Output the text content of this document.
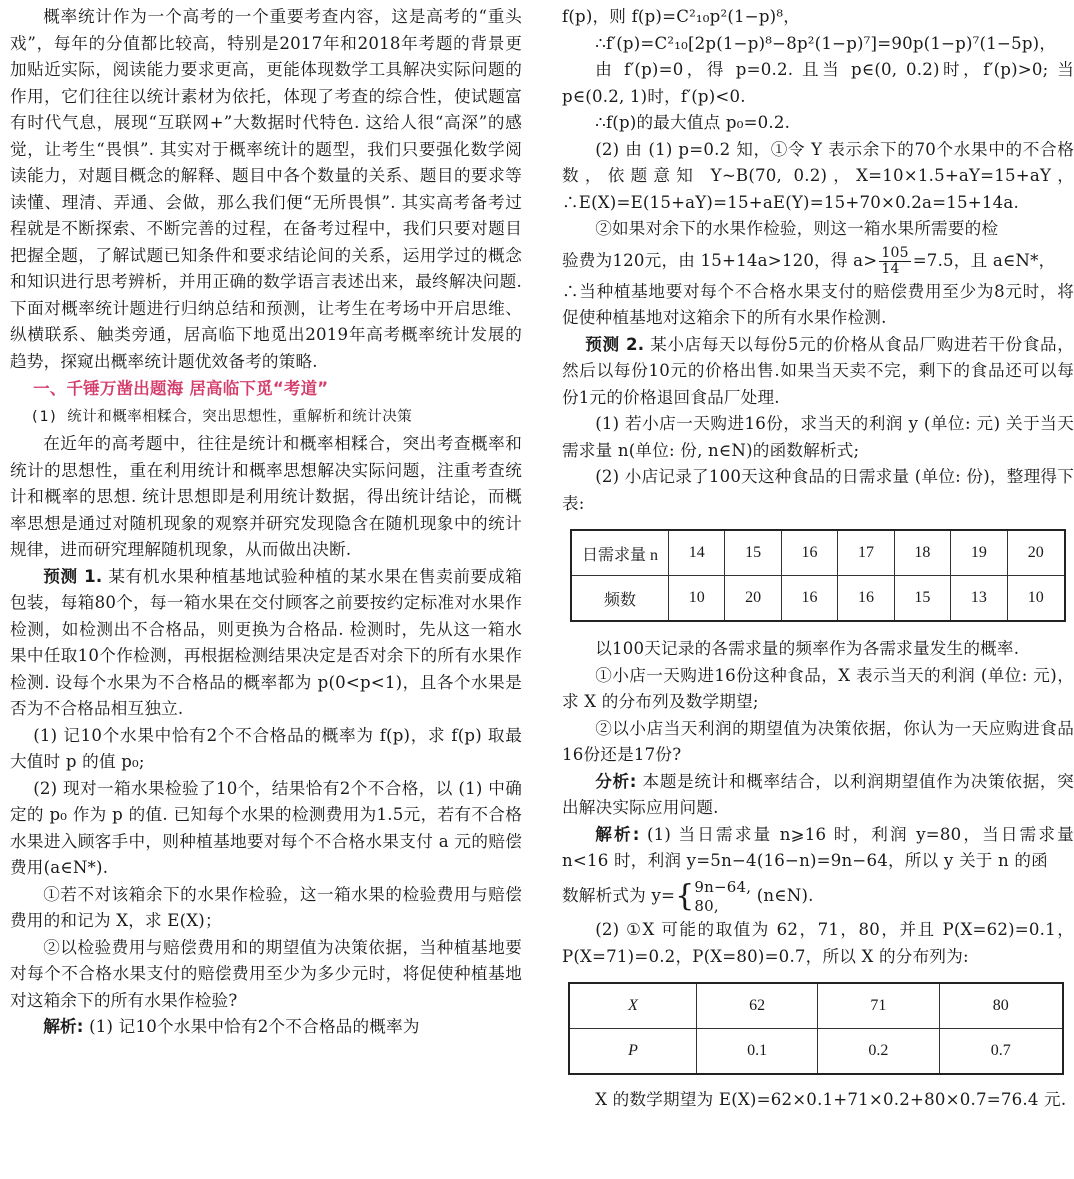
概率统计作为一个高考的一个重要考查内容，这是高考的“重头戏”，每年的分值都比较高，特别是2017年和2018年考题的背景更加贴近实际，阅读能力要求更高，更能体现数学工具解决实际问题的作用，它们往往以统计素材为依托，体现了考查的综合性，使试题富有时代气息，展现“互联网+”大数据时代特色. 这给人很“高深”的感觉，让考生“畏惧”. 其实对于概率统计的题型，我们只要强化数学阅读能力，对题目概念的解释、题目中各个数量的关系、题目的要求等读懂、理清、弄通、会做，那么我们便“无所畏惧”. 其实高考备考过程就是不断探索、不断完善的过程，在备考过程中，我们只要对题目把握全题，了解试题已知条件和要求结论间的关系，运用学过的概念和知识进行思考辨析，并用正确的数学语言表述出来，最终解决问题. 下面对概率统计题进行归纳总结和预测，让考生在考场中开启思维、纵横联系、触类旁通，居高临下地觅出2019年高考概率统计发展的趋势，探窥出概率统计题优效备考的策略.

一、千锤万凿出题海 居高临下觅“考道”

(1) 统计和概率相糅合，突出思想性，重解析和统计决策

在近年的高考题中，往往是统计和概率相糅合，突出考查概率和统计的思想性，重在利用统计和概率思想解决实际问题，注重考查统计和概率的思想. 统计思想即是利用统计数据，得出统计结论，而概率思想是通过对随机现象的观察并研究发现隐含在随机现象中的统计规律，进而研究理解随机现象，从而做出决断.

预测 1. 某有机水果种植基地试验种植的某水果在售卖前要成箱包装，每箱80个，每一箱水果在交付顾客之前要按约定标准对水果作检测，如检测出不合格品，则更换为合格品. 检测时，先从这一箱水果中任取10个作检测，再根据检测结果决定是否对余下的所有水果作检测. 设每个水果为不合格品的概率都为 p(0<p<1)，且各个水果是否为不合格品相互独立.

(1) 记10个水果中恰有2个不合格品的概率为 f(p)，求 f(p) 取最大值时 p 的值 p₀;

(2) 现对一箱水果检验了10个，结果恰有2个不合格，以 (1) 中确定的 p₀ 作为 p 的值. 已知每个水果的检测费用为1.5元，若有不合格水果进入顾客手中，则种植基地要对每个不合格水果支付 a 元的赔偿费用(a∈N*).

①若不对该箱余下的水果作检验，这一箱水果的检验费用与赔偿费用的和记为 X，求 E(X)；

②以检验费用与赔偿费用和的期望值为决策依据，当种植基地要对每个不合格水果支付的赔偿费用至少为多少元时，将促使种植基地对这箱余下的所有水果作检验?

解析: (1) 记10个水果中恰有2个不合格品的概率为

f(p)，则 f(p)=C²₁₀p²(1−p)⁸，

∴f′(p)=C²₁₀[2p(1−p)⁸−8p²(1−p)⁷]=90p(1−p)⁷(1−5p)，

由 f′(p)=0，得 p=0.2. 且当 p∈(0, 0.2)时，f′(p)>0; 当 p∈(0.2, 1)时，f′(p)<0.

∴f(p)的最大值点 p₀=0.2.

(2) 由 (1) p=0.2 知，①令 Y 表示余下的70个水果中的不合格数，依题意知 Y~B(70, 0.2)，X=10×1.5+aY=15+aY，∴E(X)=E(15+aY)=15+aE(Y)=15+70×0.2a=15+14a.

②如果对余下的水果作检验，则这一箱水果所需要的检

验费为120元，由 15+14a>120，得 $a> \frac{105}{14} =7.5$，且 a∈N*，

∴当种植基地要对每个不合格水果支付的赔偿费用至少为8元时，将促使种植基地对这箱余下的所有水果作检测.

预测 2. 某小店每天以每份5元的价格从食品厂购进若干份食品，然后以每份10元的价格出售.如果当天卖不完，剩下的食品还可以每份1元的价格退回食品厂处理.

(1) 若小店一天购进16份，求当天的利润 y (单位: 元) 关于当天需求量 n(单位: 份, n∈N)的函数解析式;

(2) 小店记录了100天这种食品的日需求量 (单位: 份)，整理得下表:

日需求量 n	14	15	16	17	18	19	20
频数	10	20	16	16	15	13	10

以100天记录的各需求量的频率作为各需求量发生的概率.

①小店一天购进16份这种食品，X 表示当天的利润 (单位: 元)，求 X 的分布列及数学期望;

②以小店当天利润的期望值为决策依据，你认为一天应购进食品16份还是17份?

分析: 本题是统计和概率结合，以利润期望值作为决策依据，突出解决实际应用问题.

解析: (1) 当日需求量 n⩾16 时，利润 y=80，当日需求量 n<16 时，利润 y=5n−4(16−n)=9n−64，所以 y 关于 n 的函

数解析式为 y={ 9n−64,
80,
(n∈N).

(2) ①X 可能的取值为 62，71，80，并且 P(X=62)=0.1，P(X=71)=0.2，P(X=80)=0.7，所以 X 的分布列为:

X	62	71	80
P	0.1	0.2	0.7

X 的数学期望为 E(X)=62×0.1+71×0.2+80×0.7=76.4 元.
